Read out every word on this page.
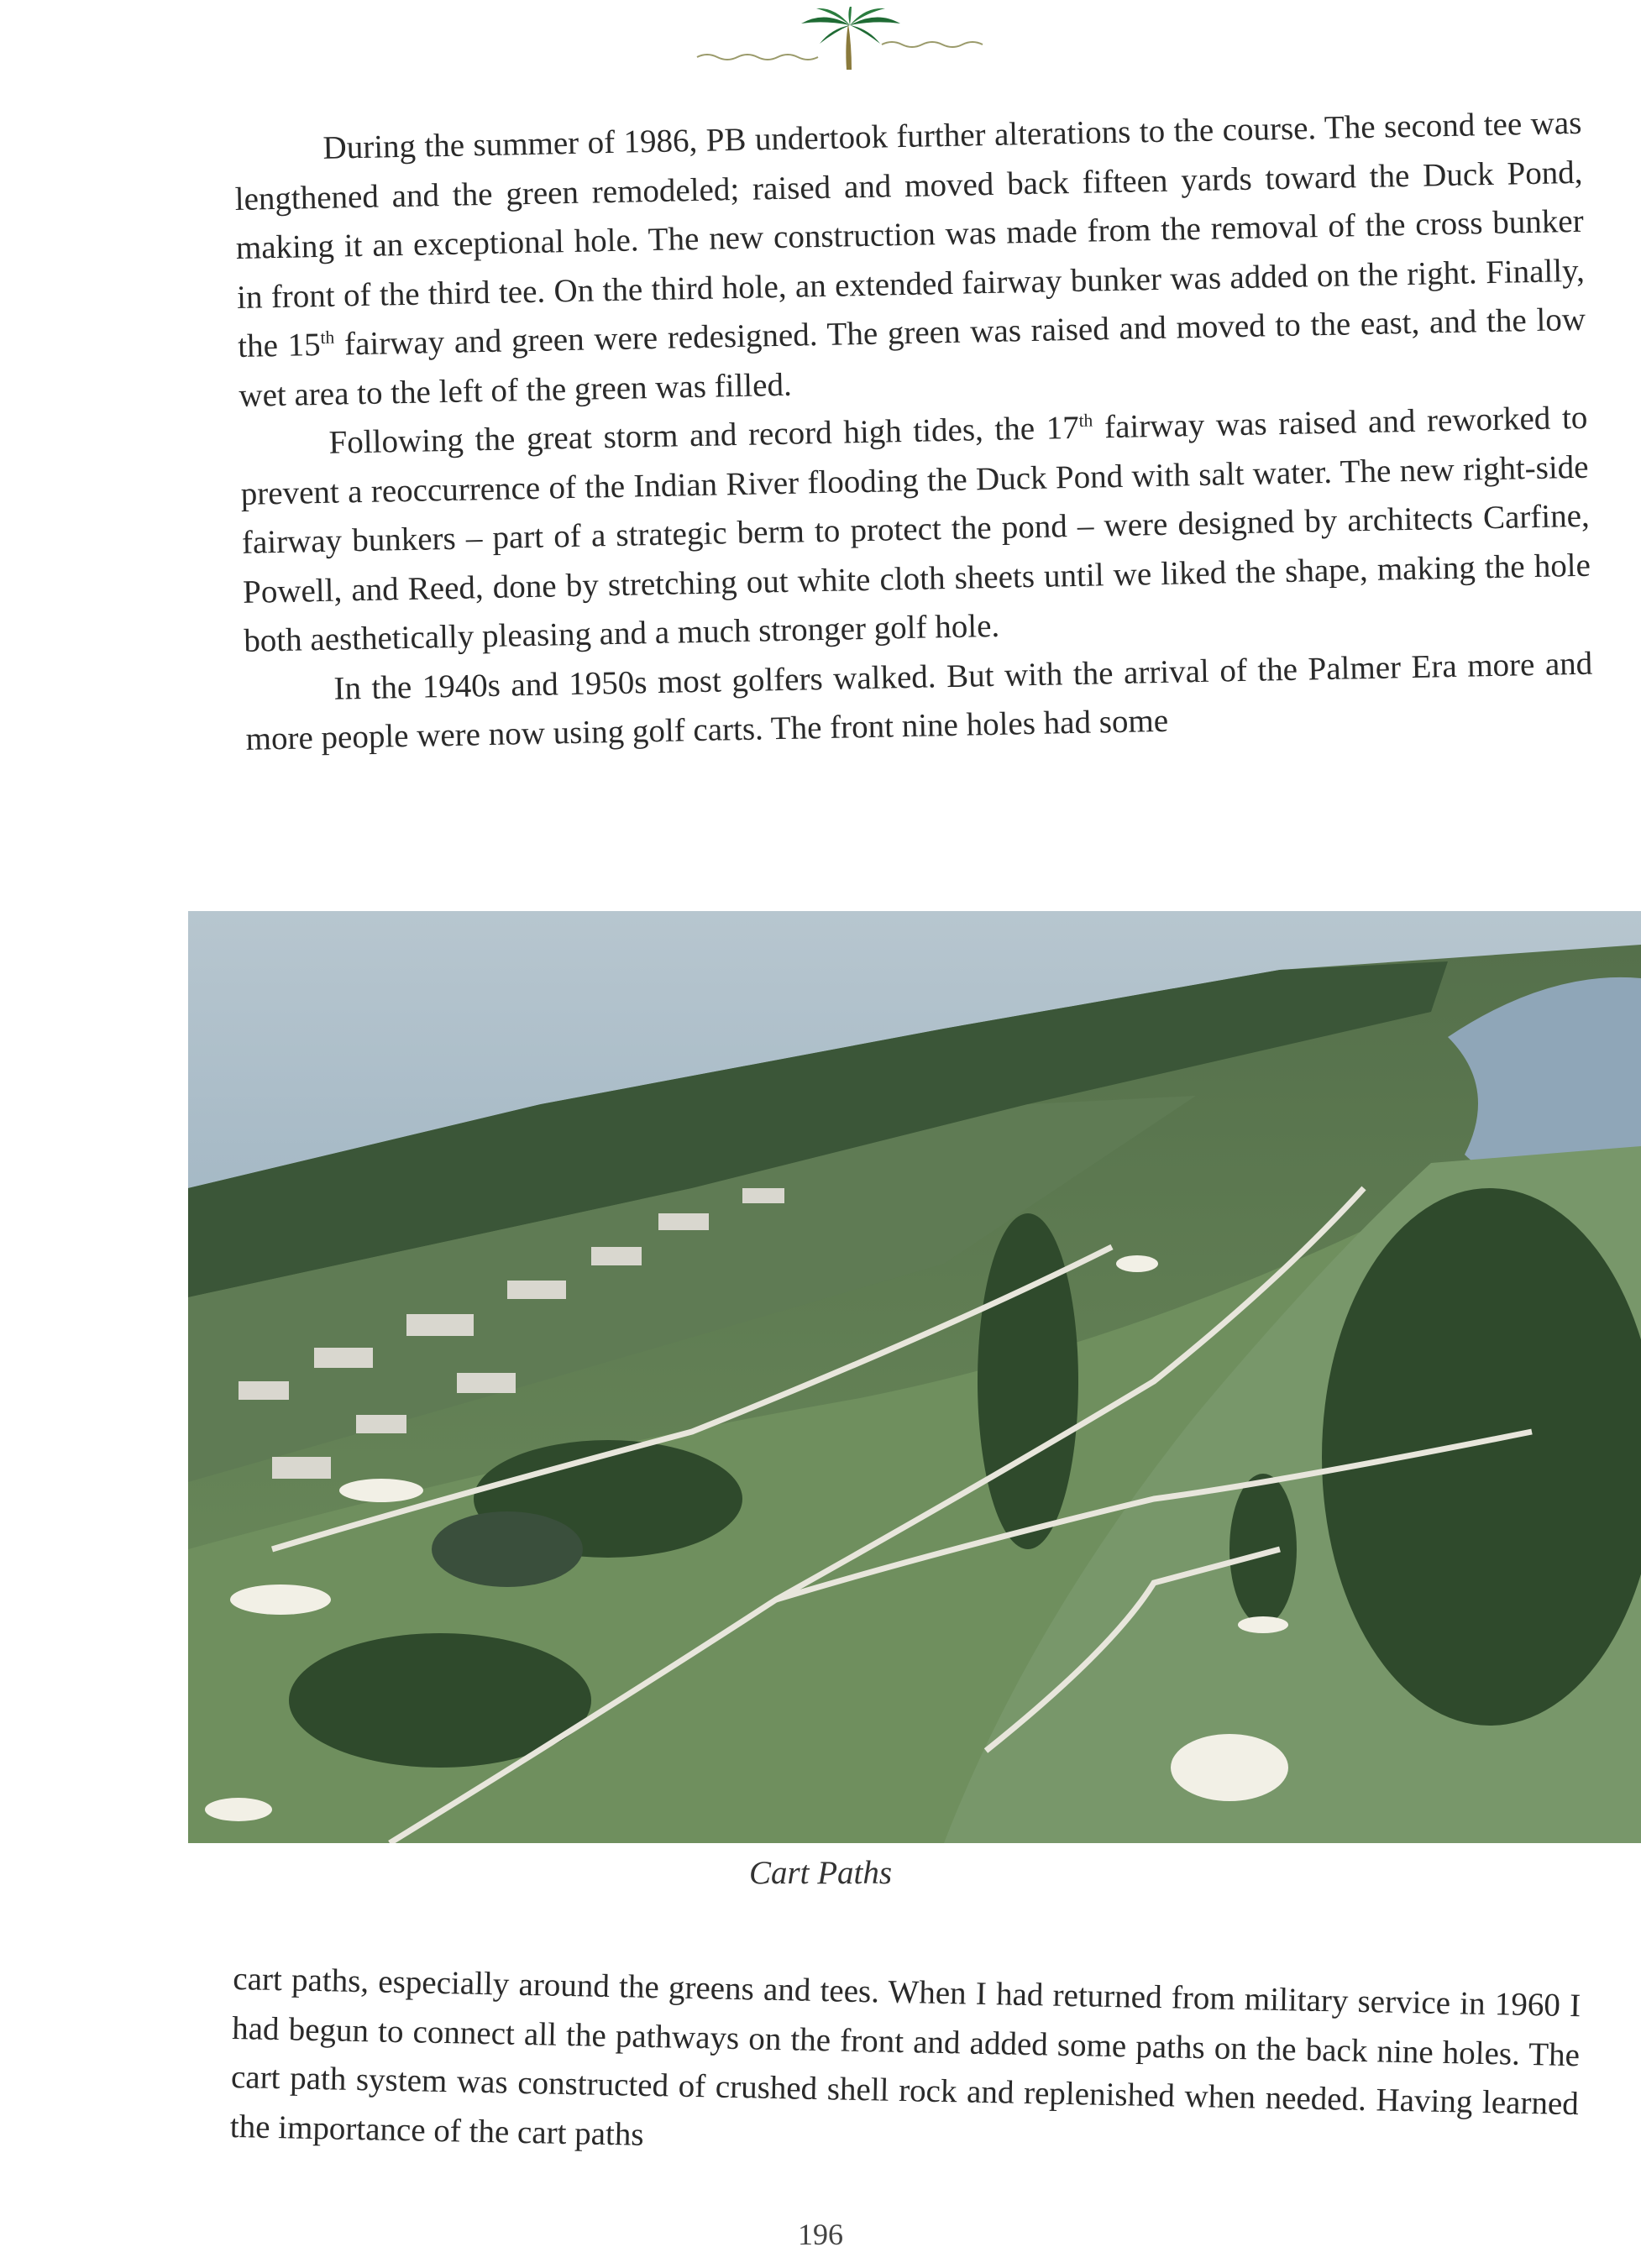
During the summer of 1986, PB undertook further alterations to the course. The second tee was lengthened and the green remodeled; raised and moved back fifteen yards toward the Duck Pond, making it an exceptional hole. The new construction was made from the removal of the cross bunker in front of the third tee. On the third hole, an extended fairway bunker was added on the right. Finally, the 15th fairway and green were redesigned. The green was raised and moved to the east, and the low wet area to the left of the green was filled.

Following the great storm and record high tides, the 17th fairway was raised and reworked to prevent a reoccurrence of the Indian River flooding the Duck Pond with salt water. The new right-side fairway bunkers – part of a strategic berm to protect the pond – were designed by architects Carfine, Powell, and Reed, done by stretching out white cloth sheets until we liked the shape, making the hole both aesthetically pleasing and a much stronger golf hole.

In the 1940s and 1950s most golfers walked. But with the arrival of the Palmer Era more and more people were now using golf carts. The front nine holes had some

Cart Paths

cart paths, especially around the greens and tees. When I had returned from military service in 1960 I had begun to connect all the pathways on the front and added some paths on the back nine holes. The cart path system was constructed of crushed shell rock and replenished when needed. Having learned the importance of the cart paths

196
